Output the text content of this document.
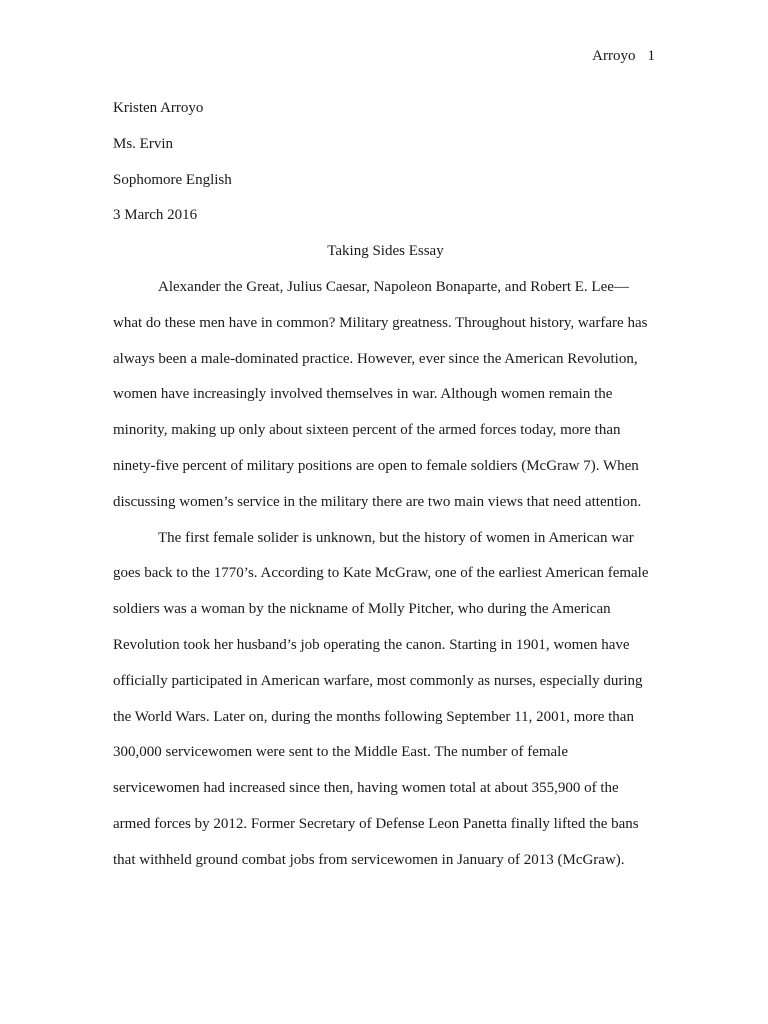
Arroyo 1
Kristen Arroyo
Ms. Ervin
Sophomore English
3 March 2016
Taking Sides Essay
Alexander the Great, Julius Caesar, Napoleon Bonaparte, and Robert E. Lee—
what do these men have in common? Military greatness. Throughout history, warfare has
always been a male-dominated practice. However, ever since the American Revolution,
women have increasingly involved themselves in war. Although women remain the
minority, making up only about sixteen percent of the armed forces today, more than
ninety-five percent of military positions are open to female soldiers (McGraw 7). When
discussing women’s service in the military there are two main views that need attention.
The first female solider is unknown, but the history of women in American war
goes back to the 1770’s. According to Kate McGraw, one of the earliest American female
soldiers was a woman by the nickname of Molly Pitcher, who during the American
Revolution took her husband’s job operating the canon. Starting in 1901, women have
officially participated in American warfare, most commonly as nurses, especially during
the World Wars. Later on, during the months following September 11, 2001, more than
300,000 servicewomen were sent to the Middle East. The number of female
servicewomen had increased since then, having women total at about 355,900 of the
armed forces by 2012. Former Secretary of Defense Leon Panetta finally lifted the bans
that withheld ground combat jobs from servicewomen in January of 2013 (McGraw).
